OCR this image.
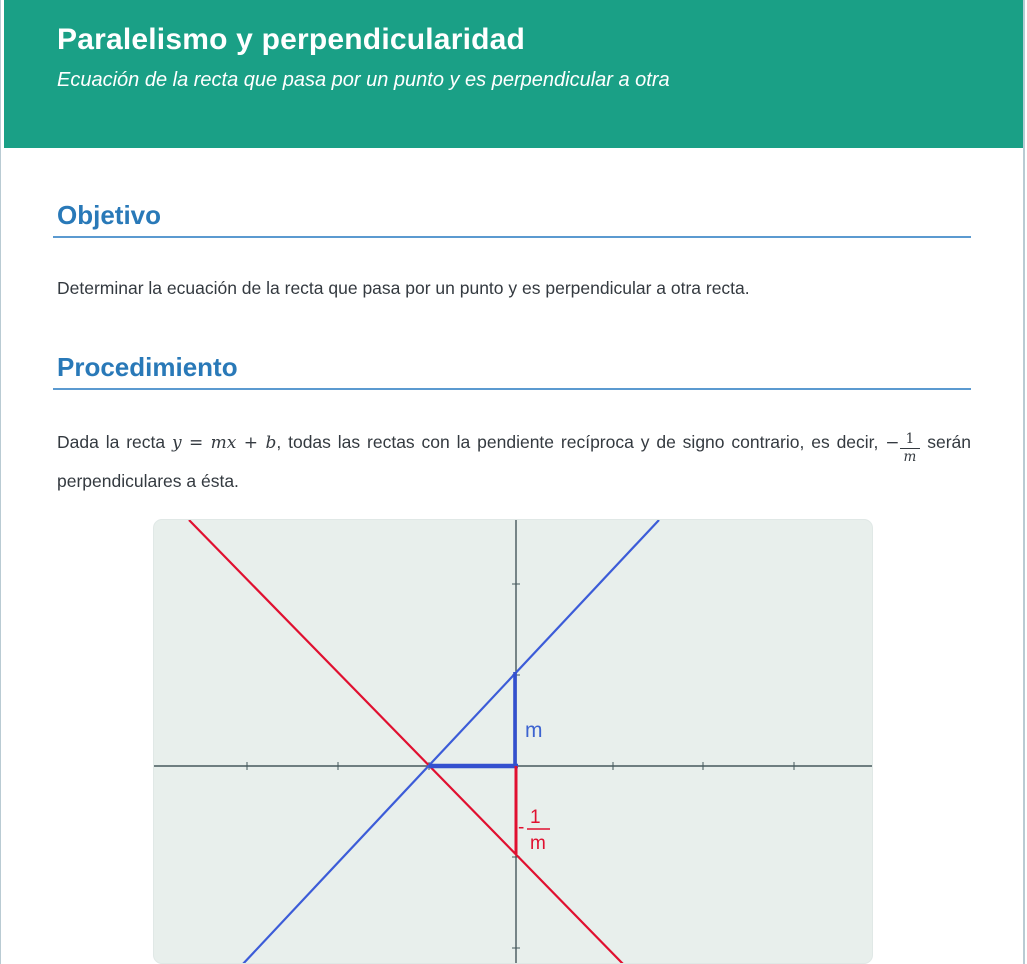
Paralelismo y perpendicularidad

Ecuación de la recta que pasa por un punto y es perpendicular a otra

Objetivo

Determinar la ecuación de la recta que pasa por un punto y es perpendicular a otra recta.

Procedimiento

Dada la recta y = mx + b, todas las rectas con la pendiente recíproca y de signo contrario, es decir, − $\frac{1}{m}$ serán perpendiculares a ésta.

m
- 1
m
